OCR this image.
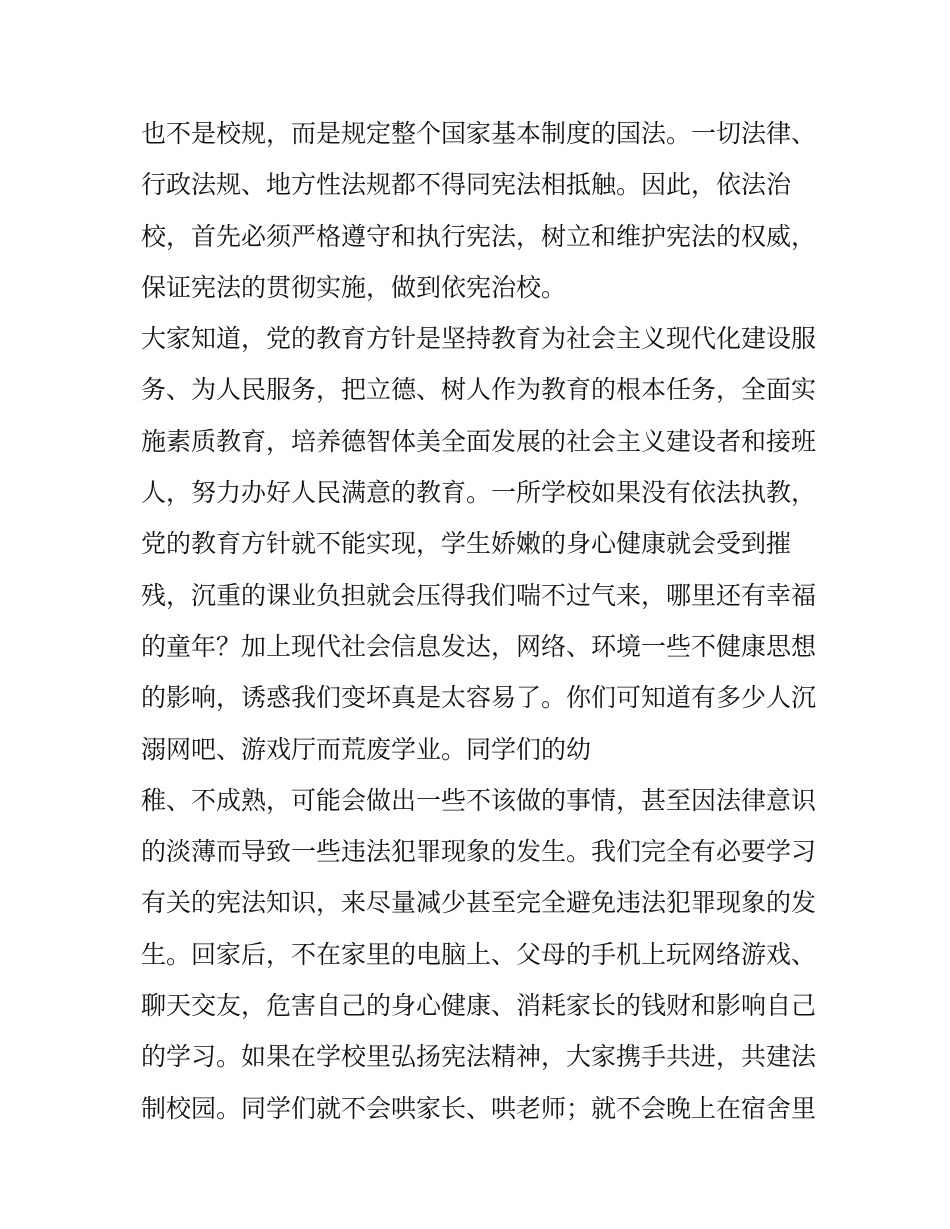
也不是校规，而是规定整个国家基本制度的国法。一切法律、
行政法规、地方性法规都不得同宪法相抵触。因此，依法治
校，首先必须严格遵守和执行宪法，树立和维护宪法的权威，
保证宪法的贯彻实施，做到依宪治校。
大家知道，党的教育方针是坚持教育为社会主义现代化建设服
务、为人民服务，把立德、树人作为教育的根本任务，全面实
施素质教育，培养德智体美全面发展的社会主义建设者和接班
人，努力办好人民满意的教育。一所学校如果没有依法执教，
党的教育方针就不能实现，学生娇嫩的身心健康就会受到摧
残，沉重的课业负担就会压得我们喘不过气来，哪里还有幸福
的童年？加上现代社会信息发达，网络、环境一些不健康思想
的影响，诱惑我们变坏真是太容易了。你们可知道有多少人沉
溺网吧、游戏厅而荒废学业。同学们的幼
稚、不成熟，可能会做出一些不该做的事情，甚至因法律意识
的淡薄而导致一些违法犯罪现象的发生。我们完全有必要学习
有关的宪法知识，来尽量减少甚至完全避免违法犯罪现象的发
生。回家后，不在家里的电脑上、父母的手机上玩网络游戏、
聊天交友，危害自己的身心健康、消耗家长的钱财和影响自己
的学习。如果在学校里弘扬宪法精神，大家携手共进，共建法
制校园。同学们就不会哄家长、哄老师；就不会晚上在宿舍里
